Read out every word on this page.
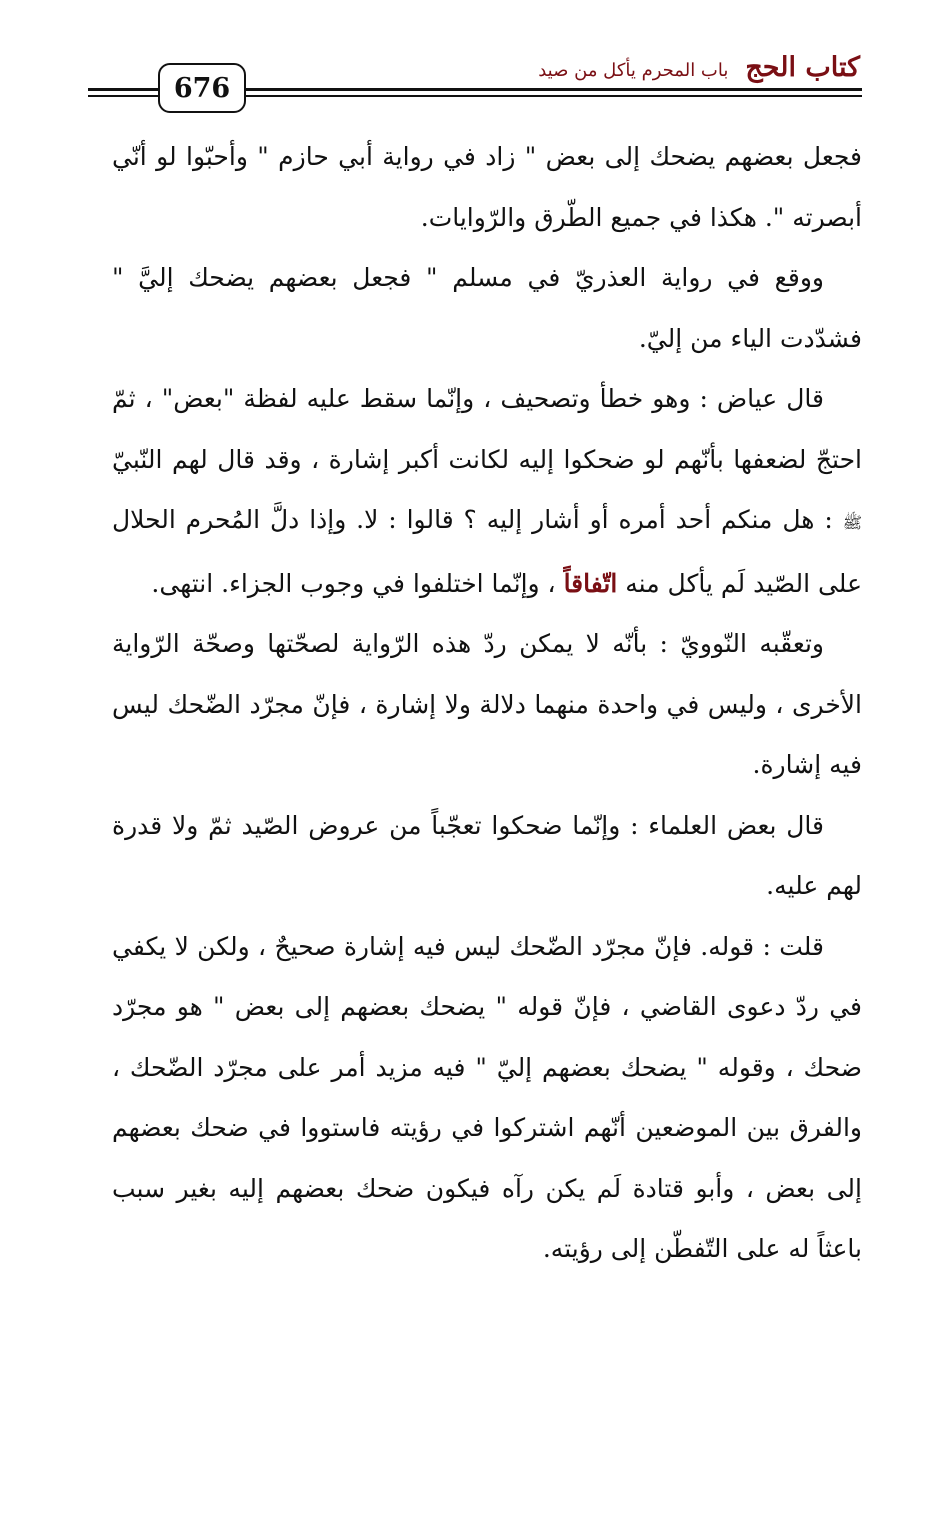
كتاب الحج باب المحرم يأكل من صيد
676

فجعل بعضهم يضحك إلى بعض " زاد في رواية أبي حازم " وأحبّوا لو أنّي أبصرته ". هكذا في جميع الطّرق والرّوايات.

ووقع في رواية العذريّ في مسلم " فجعل بعضهم يضحك إليَّ " فشدّدت الياء من إليّ.

قال عياض : وهو خطأ وتصحيف ، وإنّما سقط عليه لفظة "بعض" ، ثمّ احتجّ لضعفها بأنّهم لو ضحكوا إليه لكانت أكبر إشارة ، وقد قال لهم النّبيّ ﷺ : هل منكم أحد أمره أو أشار إليه ؟ قالوا : لا. وإذا دلَّ المُحرم الحلال على الصّيد لَم يأكل منه اتّفاقاً ، وإنّما اختلفوا في وجوب الجزاء. انتهى.

وتعقّبه النّوويّ : بأنّه لا يمكن ردّ هذه الرّواية لصحّتها وصحّة الرّواية الأخرى ، وليس في واحدة منهما دلالة ولا إشارة ، فإنّ مجرّد الضّحك ليس فيه إشارة.

قال بعض العلماء : وإنّما ضحكوا تعجّباً من عروض الصّيد ثمّ ولا قدرة لهم عليه.

قلت : قوله. فإنّ مجرّد الضّحك ليس فيه إشارة صحيحٌ ، ولكن لا يكفي في ردّ دعوى القاضي ، فإنّ قوله " يضحك بعضهم إلى بعض " هو مجرّد ضحك ، وقوله " يضحك بعضهم إليّ " فيه مزيد أمر على مجرّد الضّحك ، والفرق بين الموضعين أنّهم اشتركوا في رؤيته فاستووا في ضحك بعضهم إلى بعض ، وأبو قتادة لَم يكن رآه فيكون ضحك بعضهم إليه بغير سبب باعثاً له على التّفطّن إلى رؤيته.
